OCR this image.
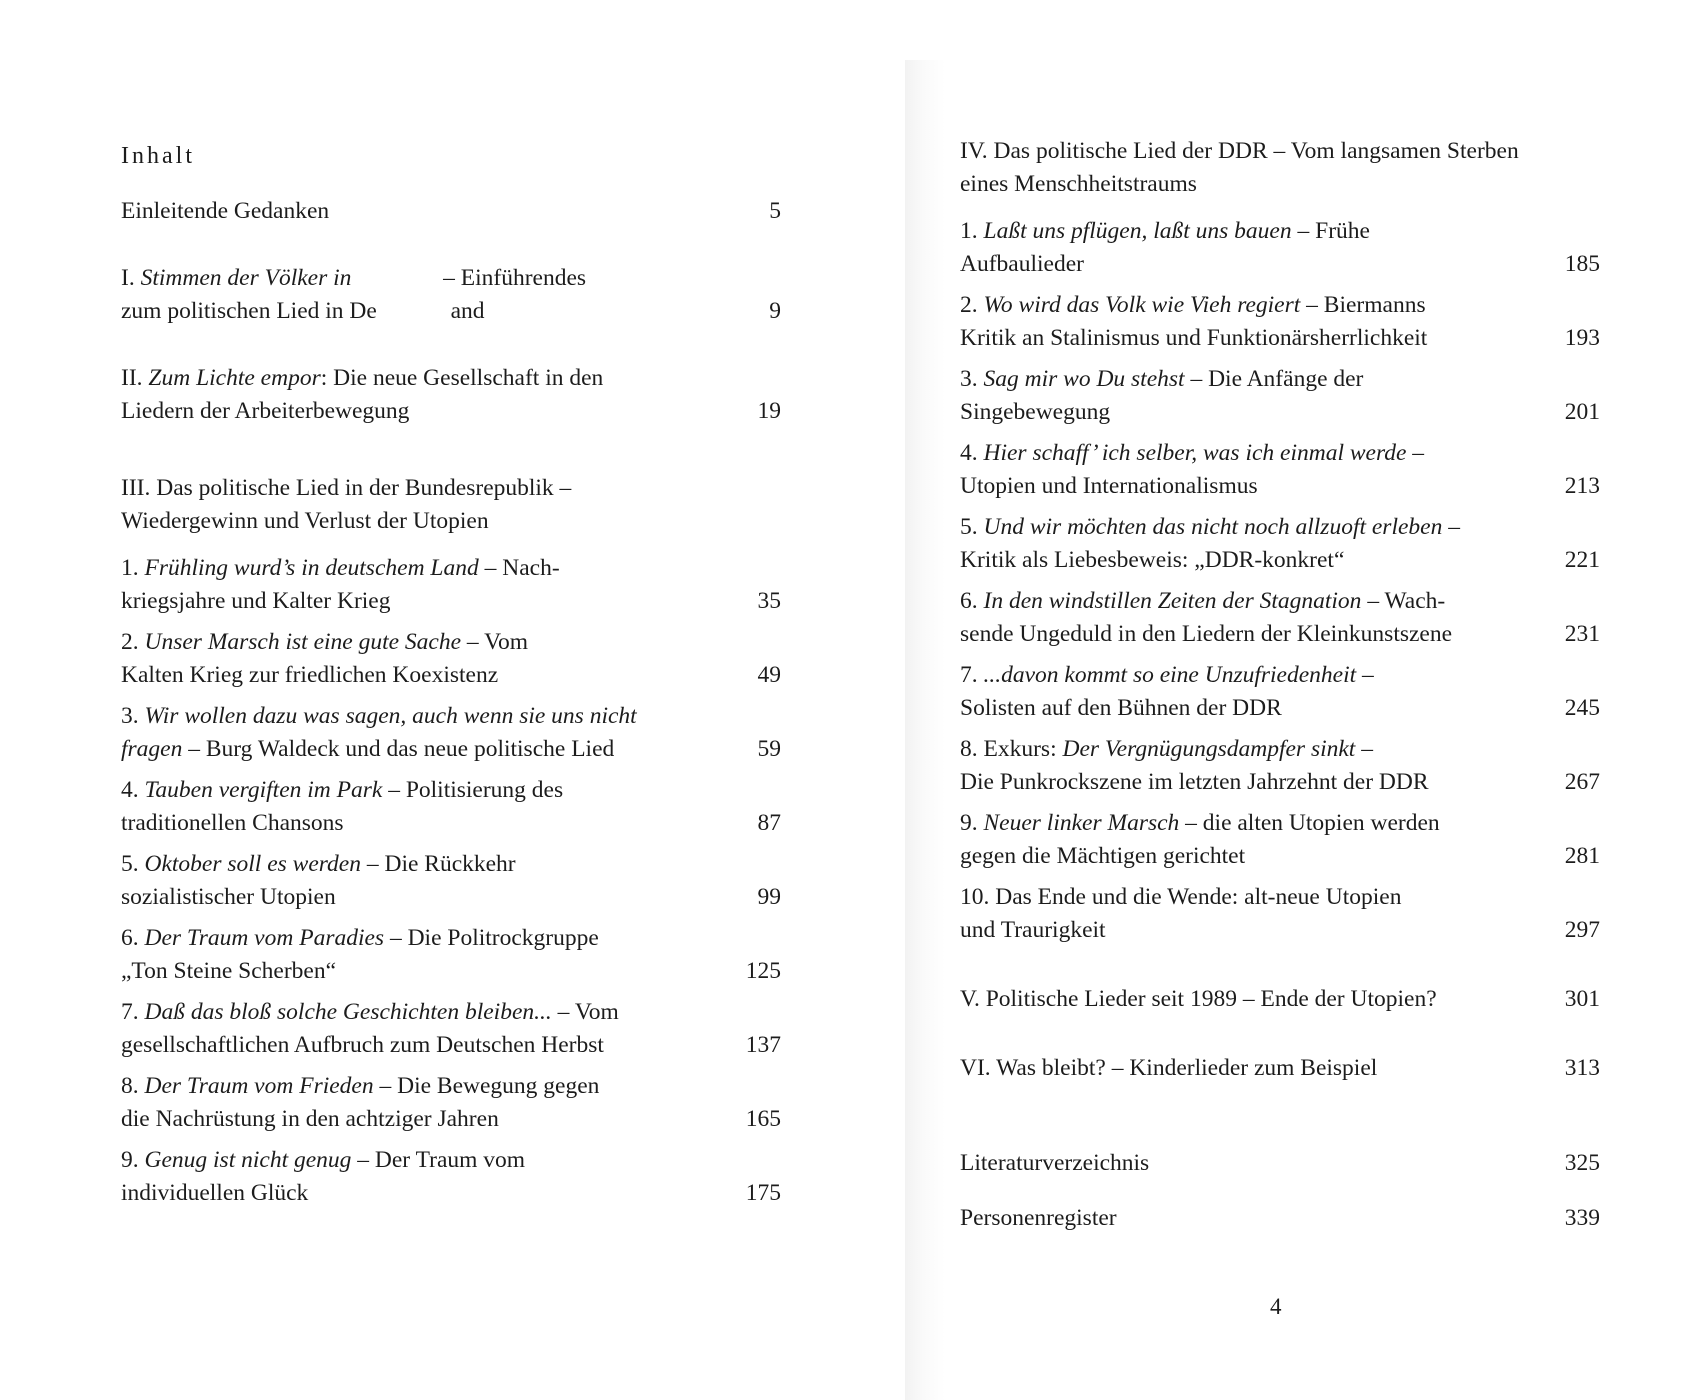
Inhalt
Einleitende Gedanken	5
I. Stimmen der Völker in	– Einführendes
zum politischen Lied in De	and	9
II. Zum Lichte empor: Die neue Gesellschaft in den
Liedern der Arbeiterbewegung	19
III. Das politische Lied in der Bundesrepublik –
Wiedergewinn und Verlust der Utopien
1. Frühling wurd’s in deutschem Land – Nach-
kriegsjahre und Kalter Krieg	35
2. Unser Marsch ist eine gute Sache – Vom
Kalten Krieg zur friedlichen Koexistenz	49
3. Wir wollen dazu was sagen, auch wenn sie uns nicht
fragen – Burg Waldeck und das neue politische Lied	59
4. Tauben vergiften im Park – Politisierung des
traditionellen Chansons	87
5. Oktober soll es werden – Die Rückkehr
sozialistischer Utopien	99
6. Der Traum vom Paradies – Die Politrockgruppe
„Ton Steine Scherben“	125
7. Daß das bloß solche Geschichten bleiben... – Vom
gesellschaftlichen Aufbruch zum Deutschen Herbst	137
8. Der Traum vom Frieden – Die Bewegung gegen
die Nachrüstung in den achtziger Jahren	165
9. Genug ist nicht genug – Der Traum vom
individuellen Glück	175
IV. Das politische Lied der DDR – Vom langsamen Sterben
eines Menschheitstraums
1. Laßt uns pflügen, laßt uns bauen – Frühe
Aufbaulieder	185
2. Wo wird das Volk wie Vieh regiert – Biermanns
Kritik an Stalinismus und Funktionärsherrlichkeit	193
3. Sag mir wo Du stehst – Die Anfänge der
Singebewegung	201
4. Hier schaff’ ich selber, was ich einmal werde –
Utopien und Internationalismus	213
5. Und wir möchten das nicht noch allzuoft erleben –
Kritik als Liebesbeweis: „DDR-konkret“	221
6. In den windstillen Zeiten der Stagnation – Wach-
sende Ungeduld in den Liedern der Kleinkunstszene	231
7. ...davon kommt so eine Unzufriedenheit –
Solisten auf den Bühnen der DDR	245
8. Exkurs: Der Vergnügungsdampfer sinkt –
Die Punkrockszene im letzten Jahrzehnt der DDR	267
9. Neuer linker Marsch – die alten Utopien werden
gegen die Mächtigen gerichtet	281
10. Das Ende und die Wende: alt-neue Utopien
und Traurigkeit	297
V. Politische Lieder seit 1989 – Ende der Utopien?	301
VI. Was bleibt? – Kinderlieder zum Beispiel	313
Literaturverzeichnis	325
Personenregister	339
4
